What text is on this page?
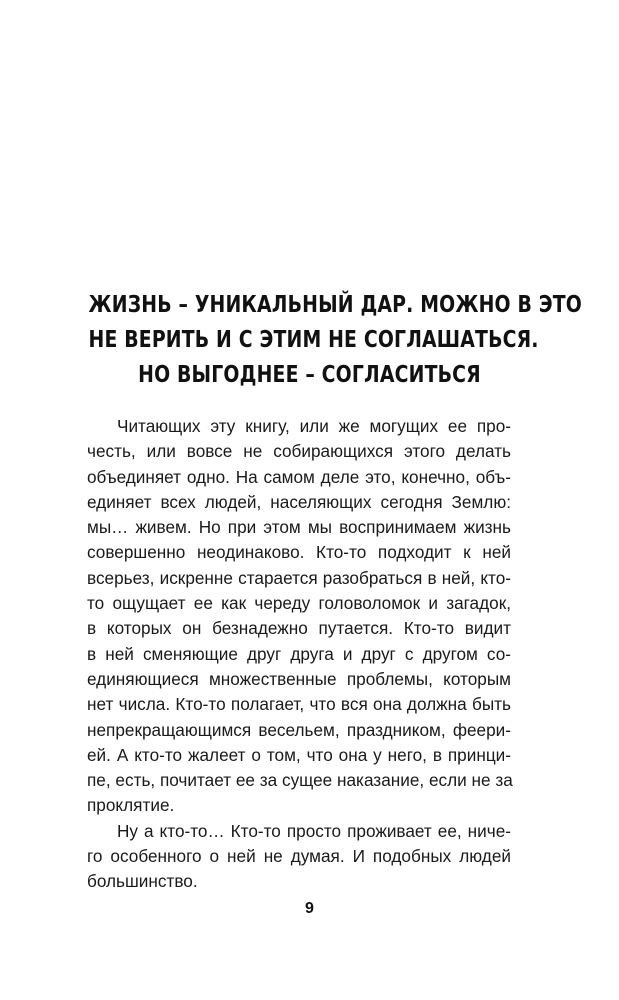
ЖИЗНЬ – УНИКАЛЬНЫЙ ДАР. МОЖНО В ЭТО
НЕ ВЕРИТЬ И С ЭТИМ НЕ СОГЛАШАТЬСЯ.
НО ВЫГОДНЕЕ – СОГЛАСИТЬСЯ
Читающих эту книгу, или же могущих ее про-
честь, или вовсе не собирающихся этого делать
объединяет одно. На самом деле это, конечно, объ-
единяет всех людей, населяющих сегодня Землю:
мы… живем. Но при этом мы воспринимаем жизнь
совершенно неодинаково. Кто-то подходит к ней
всерьез, искренне старается разобраться в ней, кто-
то ощущает ее как череду головоломок и загадок,
в которых он безнадежно путается. Кто-то видит
в ней сменяющие друг друга и друг с другом со-
единяющиеся множественные проблемы, которым
нет числа. Кто-то полагает, что вся она должна быть
непрекращающимся весельем, праздником, феери-
ей. А кто-то жалеет о том, что она у него, в принци-
пе, есть, почитает ее за сущее наказание, если не за
проклятие.
Ну а кто-то… Кто-то просто проживает ее, ниче-
го особенного о ней не думая. И подобных людей
большинство.
9
